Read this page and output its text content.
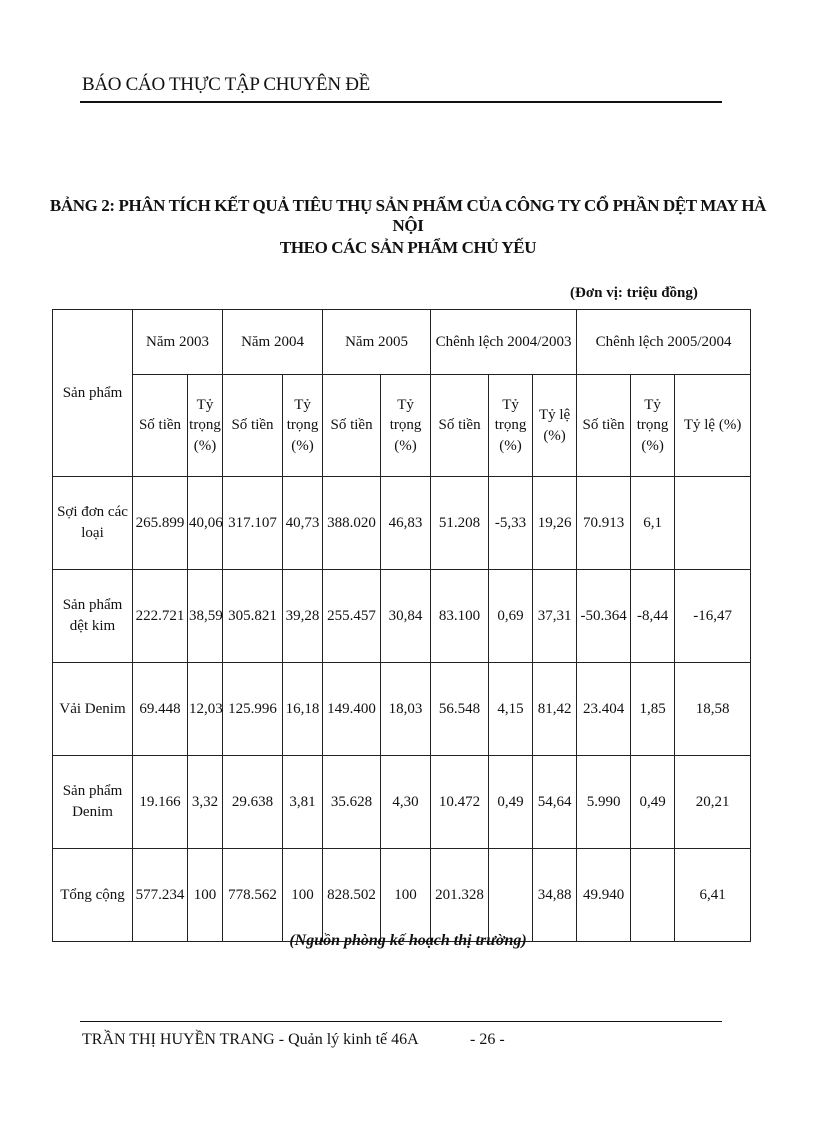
BÁO CÁO THỰC TẬP CHUYÊN ĐỀ
BẢNG 2: PHÂN TÍCH KẾT QUẢ TIÊU THỤ SẢN PHẨM CỦA CÔNG TY CỔ PHẦN DỆT MAY HÀ NỘI
THEO CÁC SẢN PHẨM CHỦ YẾU
(Đơn vị: triệu đồng)
Sản phẩm	Năm 2003		Năm 2004		Năm 2005		Chênh lệch 2004/2003			Chênh lệch 2005/2004		
	Số tiền	Tỷ trọng (%)	Số tiền	Tỷ trọng (%)	Số tiền	Tỷ trọng (%)	Số tiền	Tỷ trọng (%)	Tỷ lệ (%)	Số tiền	Tỷ trọng (%)	Tỷ lệ (%)
Sợi đơn các loại	265.899	40,06	317.107	40,73	388.020	46,83	51.208	-5,33	19,26	70.913	6,1	
Sản phẩm dệt kim	222.721	38,59	305.821	39,28	255.457	30,84	83.100	0,69	37,31	-50.364	-8,44	-16,47
Vải Denim	69.448	12,03	125.996	16,18	149.400	18,03	56.548	4,15	81,42	23.404	1,85	18,58
Sản phẩm Denim	19.166	3,32	29.638	3,81	35.628	4,30	10.472	0,49	54,64	5.990	0,49	20,21
Tổng cộng	577.234	100	778.562	100	828.502	100	201.328		34,88	49.940		6,41
(Nguồn phòng kế hoạch thị trường)
TRẦN THỊ HUYỀN TRANG - Quản lý kinh tế 46A	- 26 -
